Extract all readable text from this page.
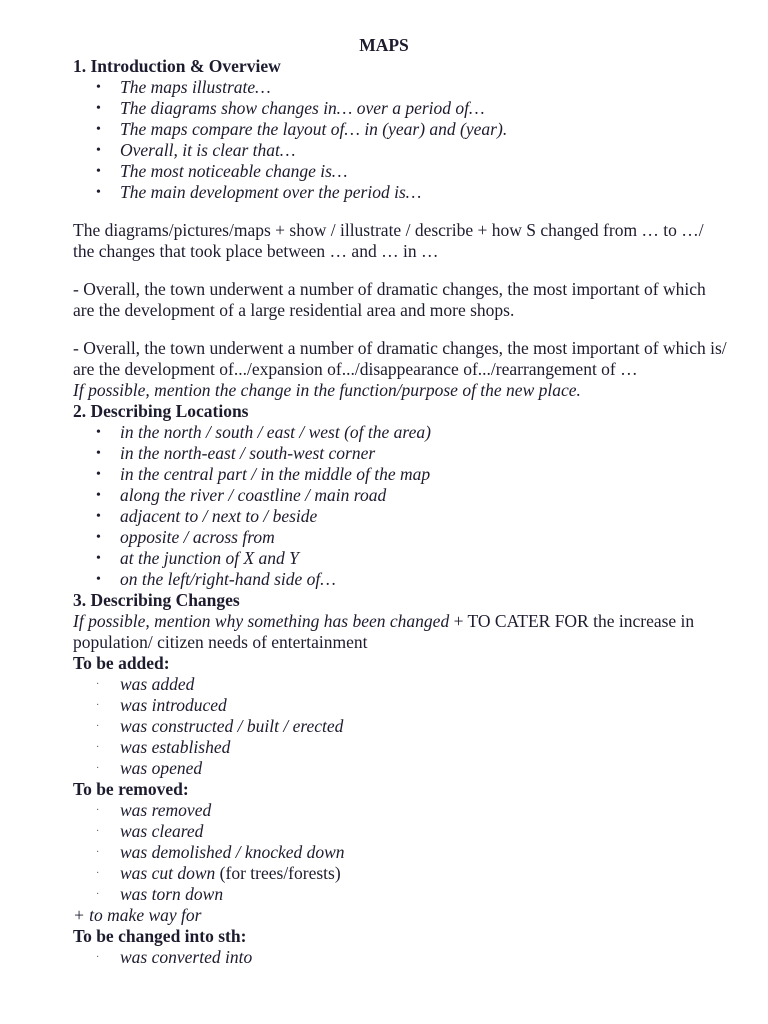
MAPS
1. Introduction & Overview
• The maps illustrate…
• The diagrams show changes in… over a period of…
• The maps compare the layout of… in (year) and (year).
• Overall, it is clear that…
• The most noticeable change is…
• The main development over the period is…

The diagrams/pictures/maps + show / illustrate / describe + how S changed from … to …/ the changes that took place between … and … in …

- Overall, the town underwent a number of dramatic changes, the most important of which are the development of a large residential area and more shops.

- Overall, the town underwent a number of dramatic changes, the most important of which is/ are the development of.../expansion of.../disappearance of.../rearrangement of …

If possible, mention the change in the function/purpose of the new place.

2. Describing Locations
• in the north / south / east / west (of the area)
• in the north-east / south-west corner
• in the central part / in the middle of the map
• along the river / coastline / main road
• adjacent to / next to / beside
• opposite / across from
• at the junction of X and Y
• on the left/right-hand side of…
3. Describing Changes

If possible, mention why something has been changed + TO CATER FOR the increase in population/ citizen needs of entertainment

To be added:

· was added
· was introduced
· was constructed / built / erected
· was established
· was opened

To be removed:

· was removed
· was cleared
· was demolished / knocked down
· was cut down (for trees/forests)
· was torn down

+ to make way for

To be changed into sth:

· was converted into
